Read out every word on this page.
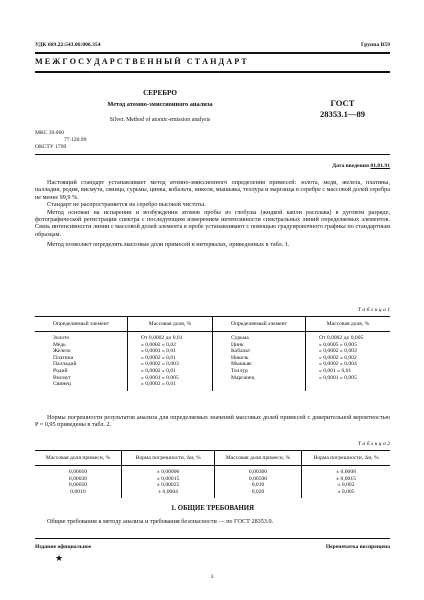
УДК 669.22:543.06:006.354	Группа В59
М Е Ж Г О С У Д А Р С Т В Е Н Н Ы Й   С Т А Н Д А Р Т
СЕРЕБРО
Метод атомно-эмиссионного анализа
Silver. Method of atomic-emission analysis
ГОСТ
28353.1—89
МКС 39.060
77.120.99
ОКСТУ 1709
Дата введения 01.01.91

Настоящий стандарт устанавливает метод атомно-эмиссионного определения примесей: золота, меди, железа, платины, палладия, родия, висмута, свинца, сурьмы, цинка, кобальта, никеля, мышьяка, теллура и марганца в серебре с массовой долей серебра не менее 99,9 %.

Стандарт не распространяется на серебро высокой чистоты.

Метод основан на испарении и возбуждении атомов пробы из глобулы (жидкой капли расплава) в дуговом разряде, фотографической регистрации спектра с последующим измерением интенсивности спектральных линий определяемых элементов. Связь интенсивности линии с массовой долей элемента в пробе устанавливают с помощью градуировочного графика по стандартным образцам.

Метод позволяет определять массовые доли примесей в интервалах, приведенных в табл. 1.

Т а б л и ц а 1
Определяемый элемент	Массовая доля, %	Определяемый элемент	Массовая доля, %
Золото	От 0,0002 до 0,01	Сурьма	От 0,0002 до 0,005
Медь	» 0,0002 » 0,02	Цинк	» 0,0005 » 0,005
Железо	» 0,0001 » 0,01	Кобальт	» 0,0002 » 0,003
Платина	» 0,0002 » 0,01	Никель	» 0,0002 » 0,002
Палладий	» 0,0002 » 0,003	Мышьяк	» 0,0002 » 0,004
Родий	» 0,0002 » 0,01	Теллур	» 0,001 » 0,01
Висмут	» 0,0001 » 0,005	Марганец	» 0,0001 » 0,005
Свинец	» 0,0002 » 0,01		

Нормы погрешности результатов анализа для определяемых значений массовых долей примесей с доверительной вероятностью P = 0,95 приведены в табл. 2.

Т а б л и ц а 2
Массовая доля примеси, %	Норма погрешности, Δн, %	Массовая доля примеси, %	Норма погрешности, Δн, %
0,00010	± 0,00006	0,00300	± 0,0008
0,00030	± 0,00015	0,00500	± 0,0015
0,00050	± 0,00025	0,010	± 0,002
0,0010	± 0,0004	0,020	± 0,005
1. ОБЩИЕ ТРЕБОВАНИЯ

Общие требования к методу анализа и требования безопасности — по ГОСТ 28353.0.

Издание официальное	Перепечатка воспрещена
★
3
